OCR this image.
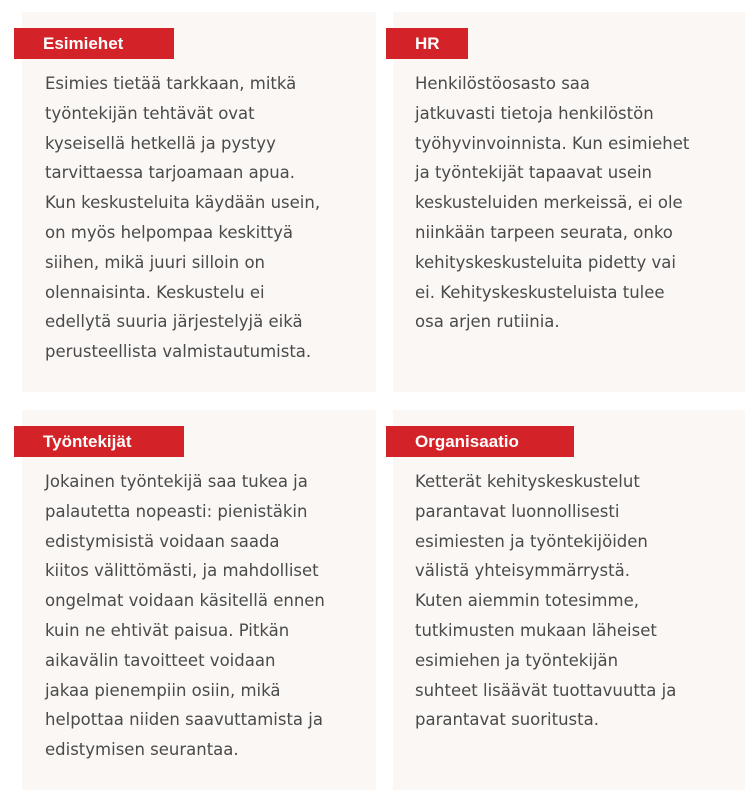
Esimiehet
Esimies tietää tarkkaan, mitkä
työntekijän tehtävät ovat
kyseisellä hetkellä ja pystyy
tarvittaessa tarjoamaan apua.
Kun keskusteluita käydään usein,
on myös helpompaa keskittyä
siihen, mikä juuri silloin on
olennaisinta. Keskustelu ei
edellytä suuria järjestelyjä eikä
perusteellista valmistautumista.
HR
Henkilöstöosasto saa
jatkuvasti tietoja henkilöstön
työhyvinvoinnista. Kun esimiehet
ja työntekijät tapaavat usein
keskusteluiden merkeissä, ei ole
niinkään tarpeen seurata, onko
kehityskeskusteluita pidetty vai
ei. Kehityskeskusteluista tulee
osa arjen rutiinia.
Työntekijät
Jokainen työntekijä saa tukea ja
palautetta nopeasti: pienistäkin
edistymisistä voidaan saada
kiitos välittömästi, ja mahdolliset
ongelmat voidaan käsitellä ennen
kuin ne ehtivät paisua. Pitkän
aikavälin tavoitteet voidaan
jakaa pienempiin osiin, mikä
helpottaa niiden saavuttamista ja
edistymisen seurantaa.
Organisaatio
Ketterät kehityskeskustelut
parantavat luonnollisesti
esimiesten ja työntekijöiden
välistä yhteisymmärrystä.
Kuten aiemmin totesimme,
tutkimusten mukaan läheiset
esimiehen ja työntekijän
suhteet lisäävät tuottavuutta ja
parantavat suoritusta.
